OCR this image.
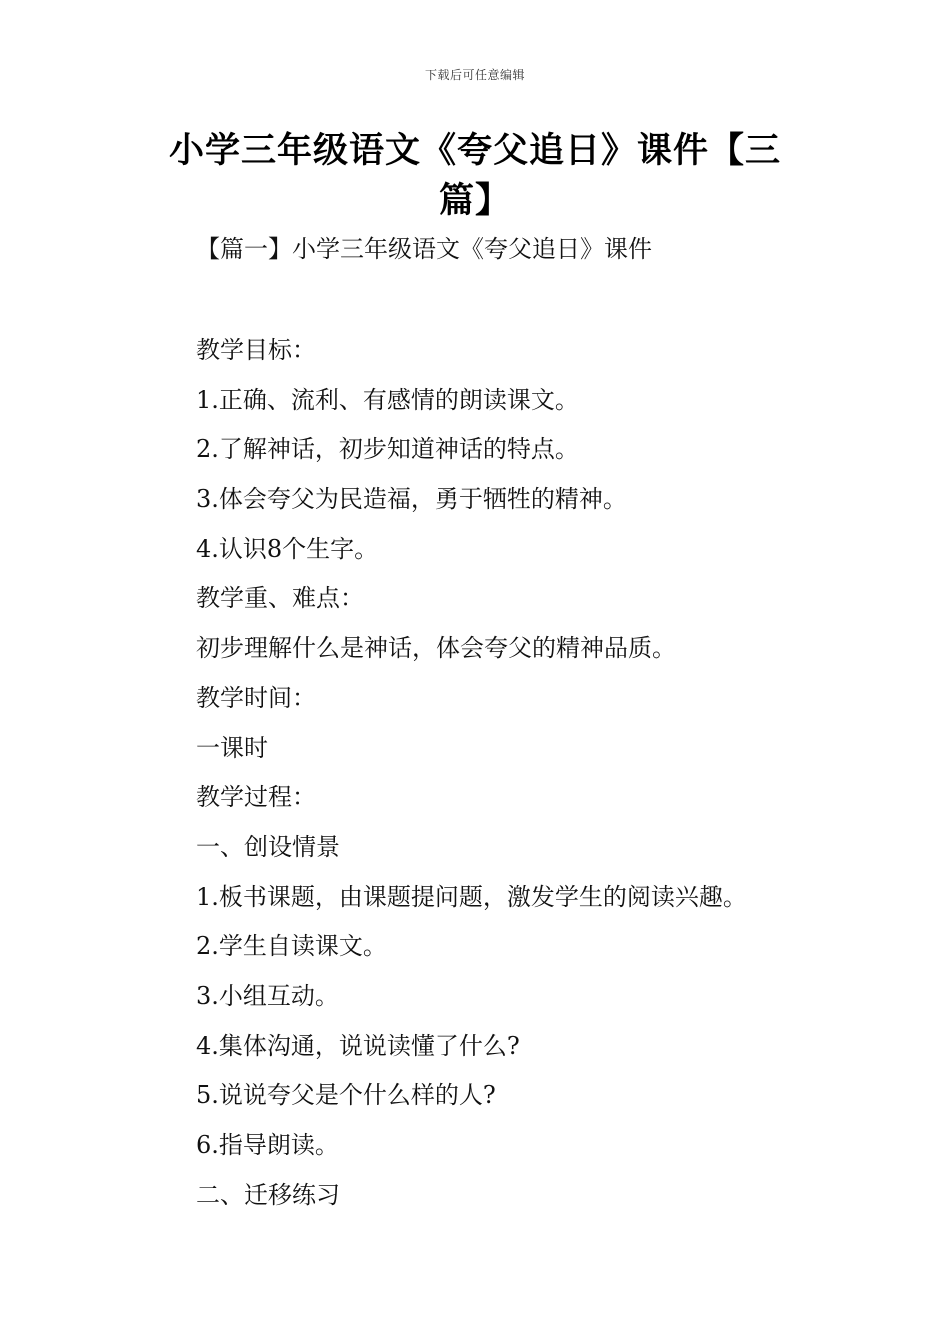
下载后可任意编辑
小学三年级语文《夸父追日》课件【三篇】
【篇一】小学三年级语文《夸父追日》课件
教学目标：
1.正确、流利、有感情的朗读课文。
2.了解神话，初步知道神话的特点。
3.体会夸父为民造福，勇于牺牲的精神。
4.认识8个生字。
教学重、难点：
初步理解什么是神话，体会夸父的精神品质。
教学时间：
一课时
教学过程：
一、创设情景
1.板书课题，由课题提问题，激发学生的阅读兴趣。
2.学生自读课文。
3.小组互动。
4.集体沟通，说说读懂了什么?
5.说说夸父是个什么样的人?
6.指导朗读。
二、迁移练习
